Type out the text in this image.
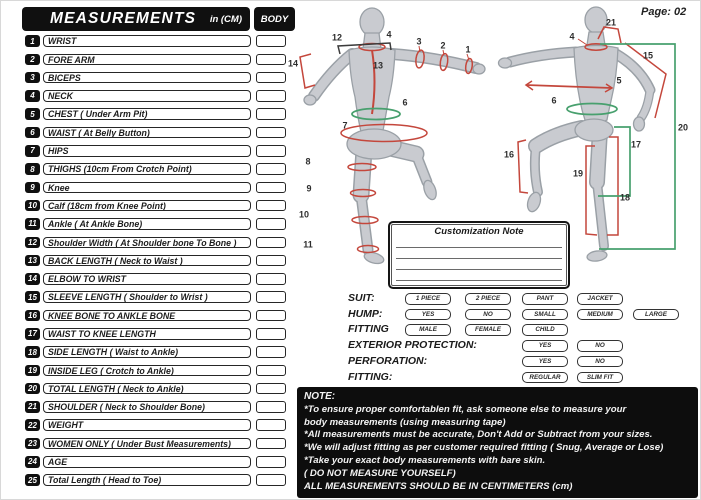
MEASUREMENTS in (CM)	BODY
1	WRIST
2	FORE ARM
3	BICEPS
4	NECK
5	CHEST ( Under Arm Pit)
6	WAIST ( At Belly Button)
7	HIPS
8	THIGHS (10cm From Crotch Point)
9	Knee
10	Calf (18cm from Knee Point)
11	Ankle ( At Ankle Bone)
12	Shoulder Width ( At Shoulder bone To Bone )
13	BACK LENGTH ( Neck to Waist )
14	ELBOW TO WRIST
15	SLEEVE LENGTH ( Shoulder to Wrist )
16	KNEE BONE TO ANKLE BONE
17	WAIST TO KNEE LENGTH
18	SIDE LENGTH ( Waist to Ankle)
19	INSIDE LEG ( Crotch to Ankle)
20	TOTAL LENGTH ( Neck to Ankle)
21	SHOULDER ( Neck to Shoulder Bone)
22	WEIGHT
23	WOMEN ONLY ( Under Bust Measurements)
24	AGE
25	Total Length ( Head to Toe)
Page: 02
1
2
3
4
6
7
8
9
10
11
12
13
14
4
21
15
5
6
16
19
17
18
20
Customization Note
SUIT:	1 PIECE	2 PIECE	PANT	JACKET
HUMP:	YES	NO	SMALL	MEDIUM	LARGE
FITTING	MALE	FEMALE	CHILD
EXTERIOR PROTECTION:	YES	NO
PERFORATION:	YES	NO
FITTING:	REGULAR	SLIM FIT
NOTE:
*To ensure proper comfortablen fit, ask someone else to measure your
body measurements (using measuring tape)
*All measurements must be accurate, Don't Add or Subtract from your sizes.
*We will adjust fitting as per customer required fitting ( Snug, Average or Lose)
*Take your exact body measurements with bare skin.
( DO NOT MEASURE YOURSELF)
ALL MEASUREMENTS SHOULD BE IN CENTIMETERS (cm)
